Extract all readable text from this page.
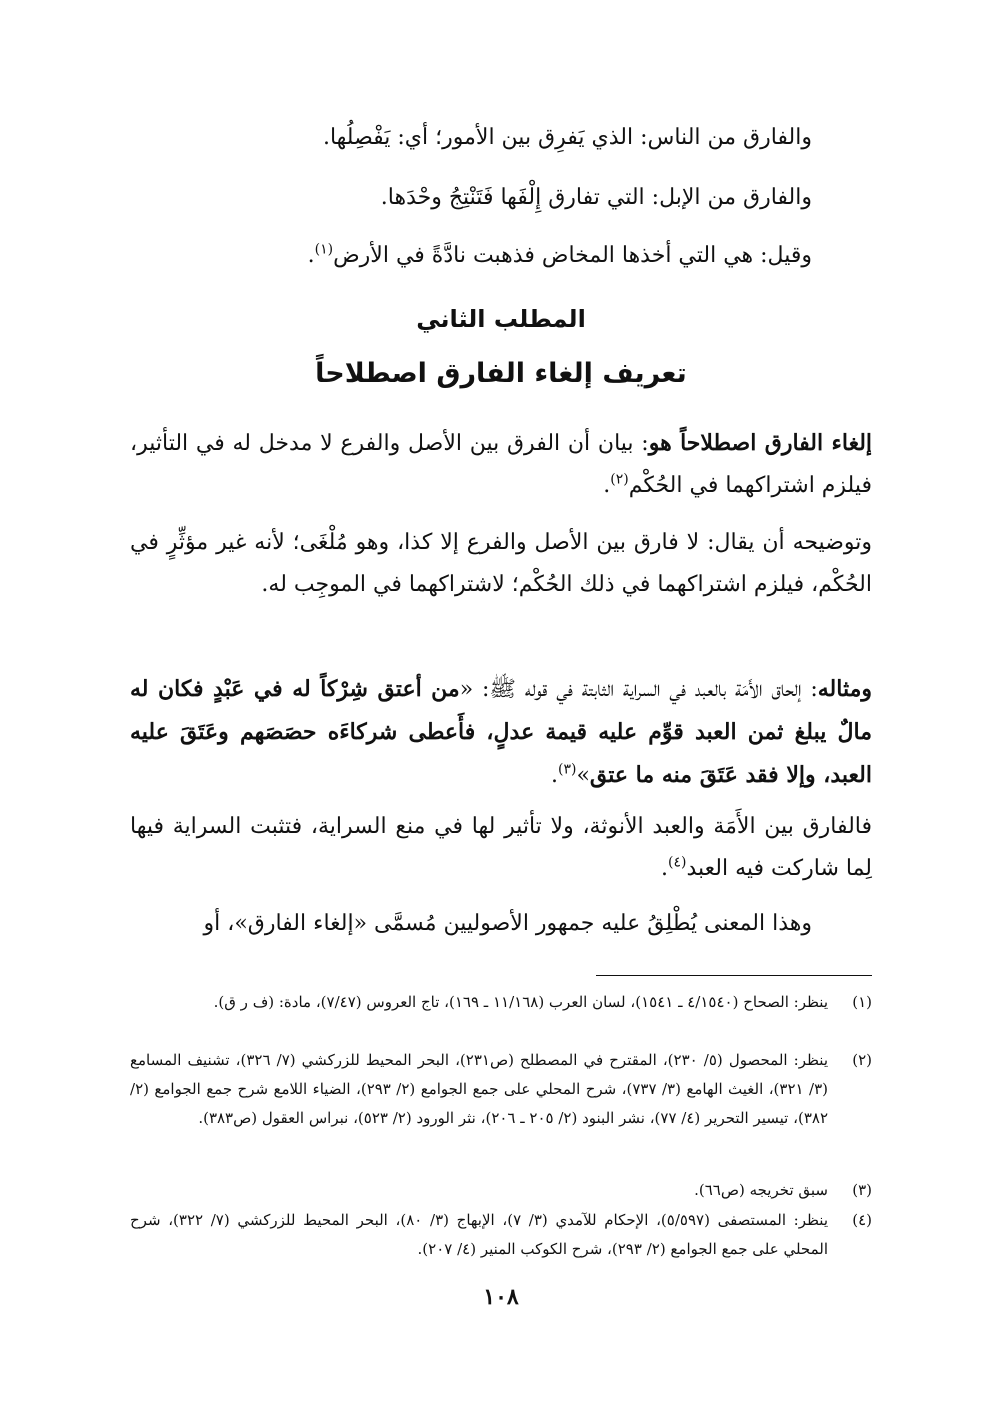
والفارق من الناس: الذي يَفرِق بين الأمور؛ أي: يَفْصِلُها.

والفارق من الإبل: التي تفارق إِلْفَها فَتَنْتِجُ وحْدَها.

وقيل: هي التي أخذها المخاض فذهبت نادَّةً في الأرض$^{(١)}$.

المطلب الثاني
تعريف إلغاء الفارق اصطلاحاً

إلغاء الفارق اصطلاحاً هو: بيان أن الفرق بين الأصل والفرع لا مدخل له في التأثير، فيلزم اشتراكهما في الحُكْم$^{(٢)}$.

وتوضيحه أن يقال: لا فارق بين الأصل والفرع إلا كذا، وهو مُلْغَى؛ لأنه غير مؤثِّرٍ في الحُكْم، فيلزم اشتراكهما في ذلك الحُكْم؛ لاشتراكهما في الموجِب له.

ومثاله: إلحاق الأَمَة بالعبد في السراية الثابتة في قوله ﷺ: «من أعتق شِرْكاً له في عَبْدٍ فكان له مالٌ يبلغ ثمن العبد قوِّم عليه قيمة عدلٍ، فأَعطى شركاءَه حصَصَهم وعَتَقَ عليه العبد، وإلا فقد عَتَقَ منه ما عتق»$^{(٣)}$.

فالفارق بين الأَمَة والعبد الأنوثة، ولا تأثير لها في منع السراية، فتثبت السراية فيها لِما شاركت فيه العبد$^{(٤)}$.

وهذا المعنى يُطْلِقُ عليه جمهور الأصوليين مُسمَّى «إلغاء الفارق»، أو

(١)
ينظر: الصحاح (٤/١٥٤٠ ـ ١٥٤١)، لسان العرب (١١/١٦٨ ـ ١٦٩)، تاج العروس (٧/٤٧)، مادة: (ف ر ق).
(٢)
ينظر: المحصول (٥/ ٢٣٠)، المقترح في المصطلح (ص٢٣١)، البحر المحيط للزركشي (٧/ ٣٢٦)، تشنيف المسامع (٣/ ٣٢١)، الغيث الهامع (٣/ ٧٣٧)، شرح المحلي على جمع الجوامع (٢/ ٢٩٣)، الضياء اللامع شرح جمع الجوامع (٢/ ٣٨٢)، تيسير التحرير (٤/ ٧٧)، نشر البنود (٢/ ٢٠٥ ـ ٢٠٦)، نثر الورود (٢/ ٥٢٣)، نبراس العقول (ص٣٨٣).
(٣)
سبق تخريجه (ص٦٦).
(٤)
ينظر: المستصفى (٥/٥٩٧)، الإحكام للآمدي (٣/ ٧)، الإبهاج (٣/ ٨٠)، البحر المحيط للزركشي (٧/ ٣٢٢)، شرح المحلي على جمع الجوامع (٢/ ٢٩٣)، شرح الكوكب المنير (٤/ ٢٠٧).
١٠٨
